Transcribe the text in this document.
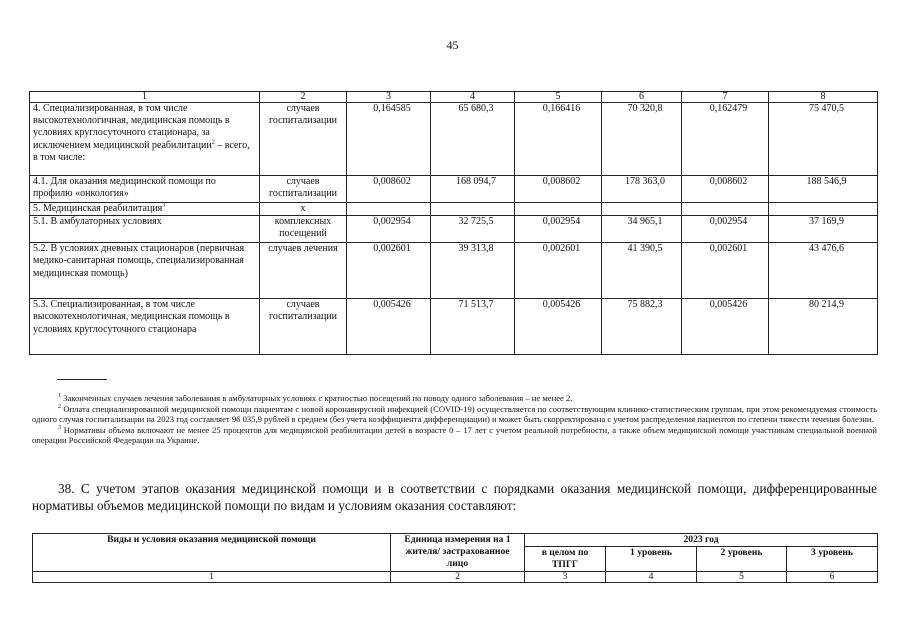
45
1	2	3	4	5	6	7	8
4. Специализированная, в том числе высокотехнологичная, медицинская помощь в условиях круглосуточного стационара, за исключением медицинской реабилитации$^2$ – всего, в том числе:	случаев госпитализации	0,164585	65 680,3	0,166416	70 320,8	0,162479	75 470,5
4.1. Для оказания медицинской помощи по профилю «онкология»	случаев госпитализации	0,008602	168 094,7	0,008602	178 363,0	0,008602	188 546,9
5. Медицинская реабилитация$^3$	х						
5.1. В амбулаторных условиях	комплексных посещений	0,002954	32 725,5	0,002954	34 965,1	0,002954	37 169,9
5.2. В условиях дневных стационаров (первичная медико-санитарная помощь, специализированная медицинская помощь)	случаев лечения	0,002601	39 313,8	0,002601	41 390,5	0,002601	43 476,6
5.3. Специализированная, в том числе высокотехнологичная, медицинская помощь в условиях круглосуточного стационара	случаев госпитализации	0,005426	71 513,7	0,005426	75 882,3	0,005426	80 214,9

$^1$ Законченных случаев лечения заболевания в амбулаторных условиях с кратностью посещений по поводу одного заболевания – не менее 2.

$^2$ Оплата специализированной медицинской помощи пациентам с новой коронавирусной инфекцией (COVID-19) осуществляется по соответствующим клинико-статистическим группам, при этом рекомендуемая стоимость одного случая госпитализации на 2023 год составляет 96 035,9 рублей в среднем (без учета коэффициента дифференциации) и может быть скорректирована с учетом распределения пациентов по степени тяжести течения болезни.

$^3$ Нормативы объема включают не менее 25 процентов для медицинской реабилитации детей в возрасте 0 – 17 лет с учетом реальной потребности, а также объем медицинской помощи участникам специальной военной операции Российской Федерации на Украине.

38. С учетом этапов оказания медицинской помощи и в соответствии с порядками оказания медицинской помощи, дифференцированные нормативы объемов медицинской помощи по видам и условиям оказания составляют:

Виды и условия оказания медицинской помощи	Единица измерения на 1 жителя/ застрахованное лицо	2023 год			
		в целом по ТПГГ	1 уровень	2 уровень	3 уровень
1	2	3	4	5	6
